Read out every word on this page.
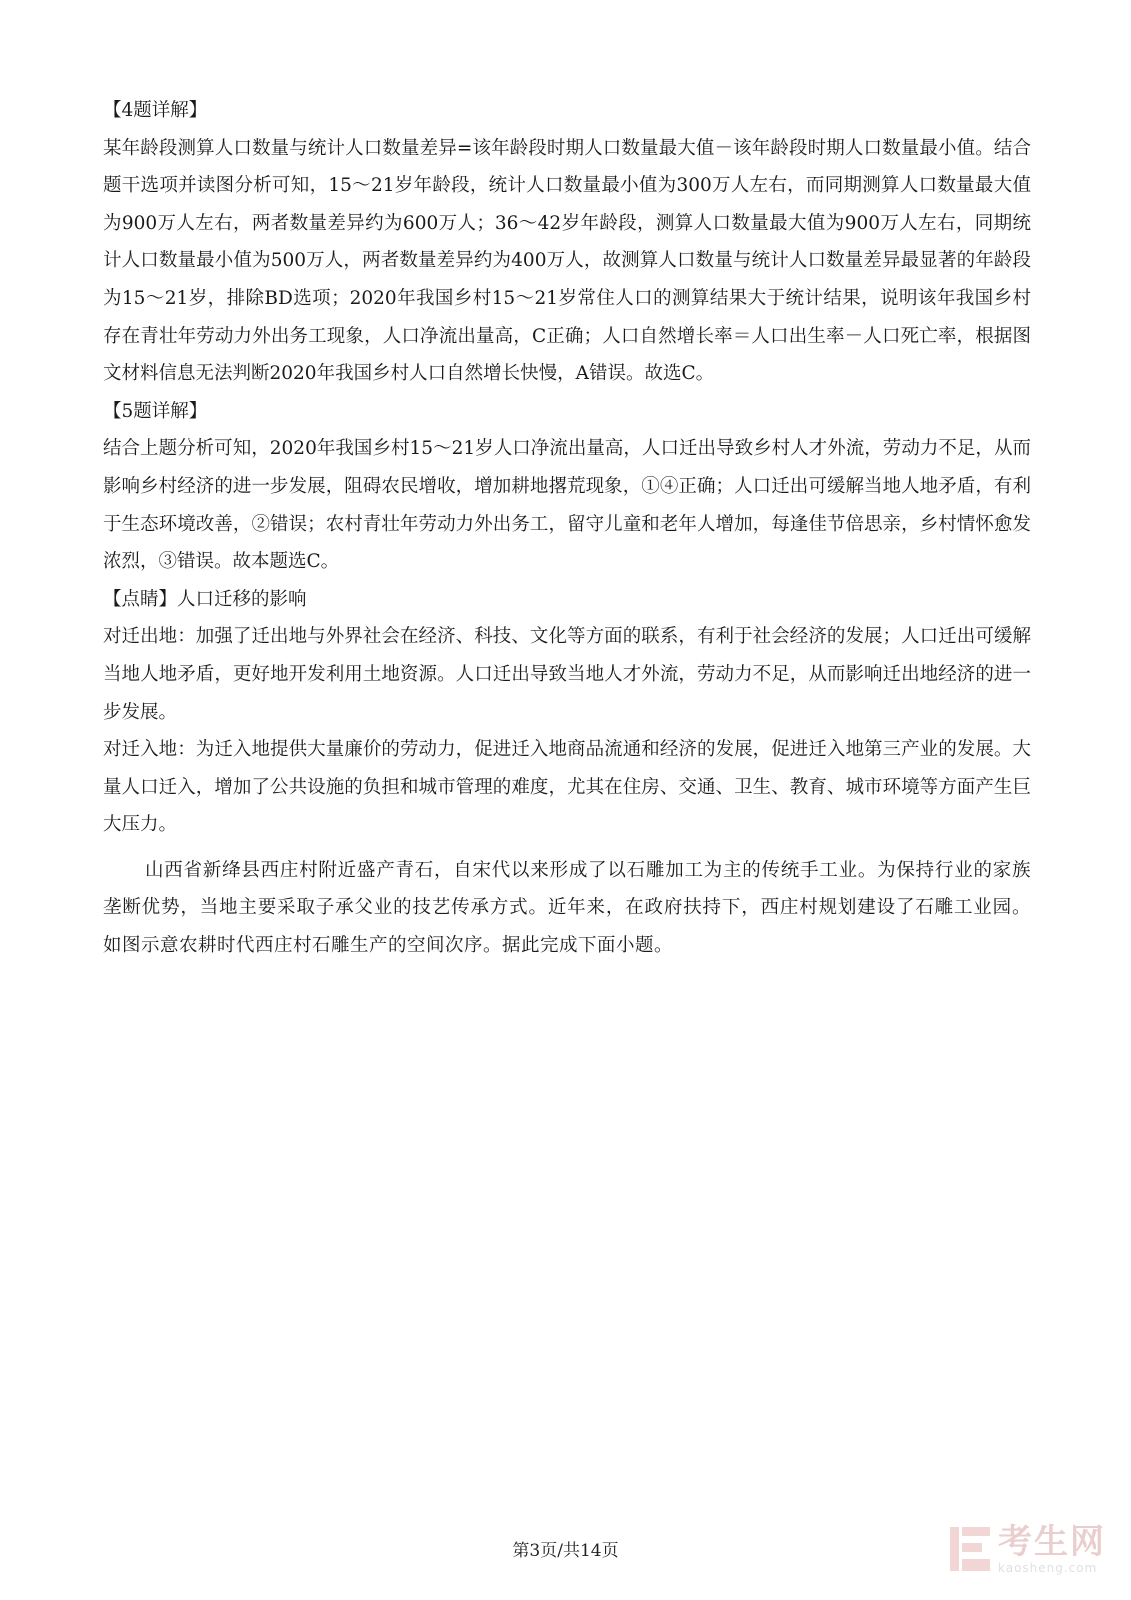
【4题详解】

某年龄段测算人口数量与统计人口数量差异=该年龄段时期人口数量最大值－该年龄段时期人口数量最小值。结合题干选项并读图分析可知，15～21岁年龄段，统计人口数量最小值为300万人左右，而同期测算人口数量最大值为900万人左右，两者数量差异约为600万人；36～42岁年龄段，测算人口数量最大值为900万人左右，同期统计人口数量最小值为500万人，两者数量差异约为400万人，故测算人口数量与统计人口数量差异最显著的年龄段为15～21岁，排除BD选项；2020年我国乡村15～21岁常住人口的测算结果大于统计结果，说明该年我国乡村存在青壮年劳动力外出务工现象，人口净流出量高，C正确；人口自然增长率＝人口出生率－人口死亡率，根据图文材料信息无法判断2020年我国乡村人口自然增长快慢，A错误。故选C。

【5题详解】

结合上题分析可知，2020年我国乡村15～21岁人口净流出量高，人口迁出导致乡村人才外流，劳动力不足，从而影响乡村经济的进一步发展，阻碍农民增收，增加耕地撂荒现象，①④正确；人口迁出可缓解当地人地矛盾，有利于生态环境改善，②错误；农村青壮年劳动力外出务工，留守儿童和老年人增加，每逢佳节倍思亲，乡村情怀愈发浓烈，③错误。故本题选C。

【点睛】人口迁移的影响

对迁出地：加强了迁出地与外界社会在经济、科技、文化等方面的联系，有利于社会经济的发展；人口迁出可缓解当地人地矛盾，更好地开发利用土地资源。人口迁出导致当地人才外流，劳动力不足，从而影响迁出地经济的进一步发展。

对迁入地：为迁入地提供大量廉价的劳动力，促进迁入地商品流通和经济的发展，促进迁入地第三产业的发展。大量人口迁入，增加了公共设施的负担和城市管理的难度，尤其在住房、交通、卫生、教育、城市环境等方面产生巨大压力。

山西省新绛县西庄村附近盛产青石，自宋代以来形成了以石雕加工为主的传统手工业。为保持行业的家族垄断优势，当地主要采取子承父业的技艺传承方式。近年来，在政府扶持下，西庄村规划建设了石雕工业园。如图示意农耕时代西庄村石雕生产的空间次序。据此完成下面小题。

第3页/共14页	考生网
kaosheng.com
